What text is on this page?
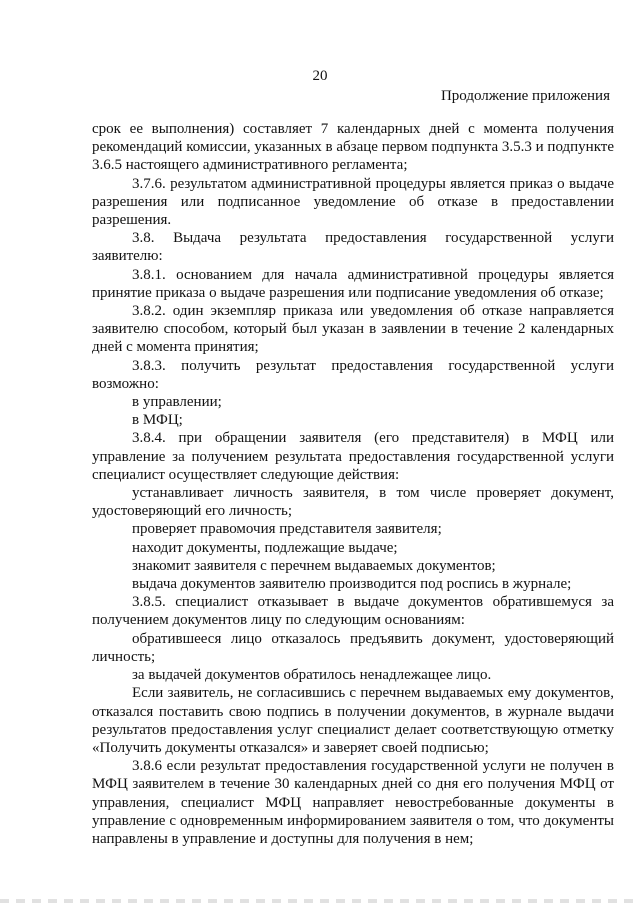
20
Продолжение приложения

срок ее выполнения) составляет 7 календарных дней с момента получения рекомендаций комиссии, указанных в абзаце первом подпункта 3.5.3 и подпункте 3.6.5 настоящего административного регламента;

3.7.6. результатом административной процедуры является приказ о выдаче разрешения или подписанное уведомление об отказе в предоставлении разрешения.

3.8. Выдача результата предоставления государственной услуги заявителю:

3.8.1. основанием для начала административной процедуры является принятие приказа о выдаче разрешения или подписание уведомления об отказе;

3.8.2. один экземпляр приказа или уведомления об отказе направляется заявителю способом, который был указан в заявлении в течение 2 календарных дней с момента принятия;

3.8.3. получить результат предоставления государственной услуги возможно:

в управлении;

в МФЦ;

3.8.4. при обращении заявителя (его представителя) в МФЦ или управление за получением результата предоставления государственной услуги специалист осуществляет следующие действия:

устанавливает личность заявителя, в том числе проверяет документ, удостоверяющий его личность;

проверяет правомочия представителя заявителя;

находит документы, подлежащие выдаче;

знакомит заявителя с перечнем выдаваемых документов;

выдача документов заявителю производится под роспись в журнале;

3.8.5. специалист отказывает в выдаче документов обратившемуся за получением документов лицу по следующим основаниям:

обратившееся лицо отказалось предъявить документ, удостоверяющий личность;

за выдачей документов обратилось ненадлежащее лицо.

Если заявитель, не согласившись с перечнем выдаваемых ему документов, отказался поставить свою подпись в получении документов, в журнале выдачи результатов предоставления услуг специалист делает соответствующую отметку «Получить документы отказался» и заверяет своей подписью;

3.8.6 если результат предоставления государственной услуги не получен в МФЦ заявителем в течение 30 календарных дней со дня его получения МФЦ от управления, специалист МФЦ направляет невостребованные документы в управление с одновременным информированием заявителя о том, что документы направлены в управление и доступны для получения в нем;
